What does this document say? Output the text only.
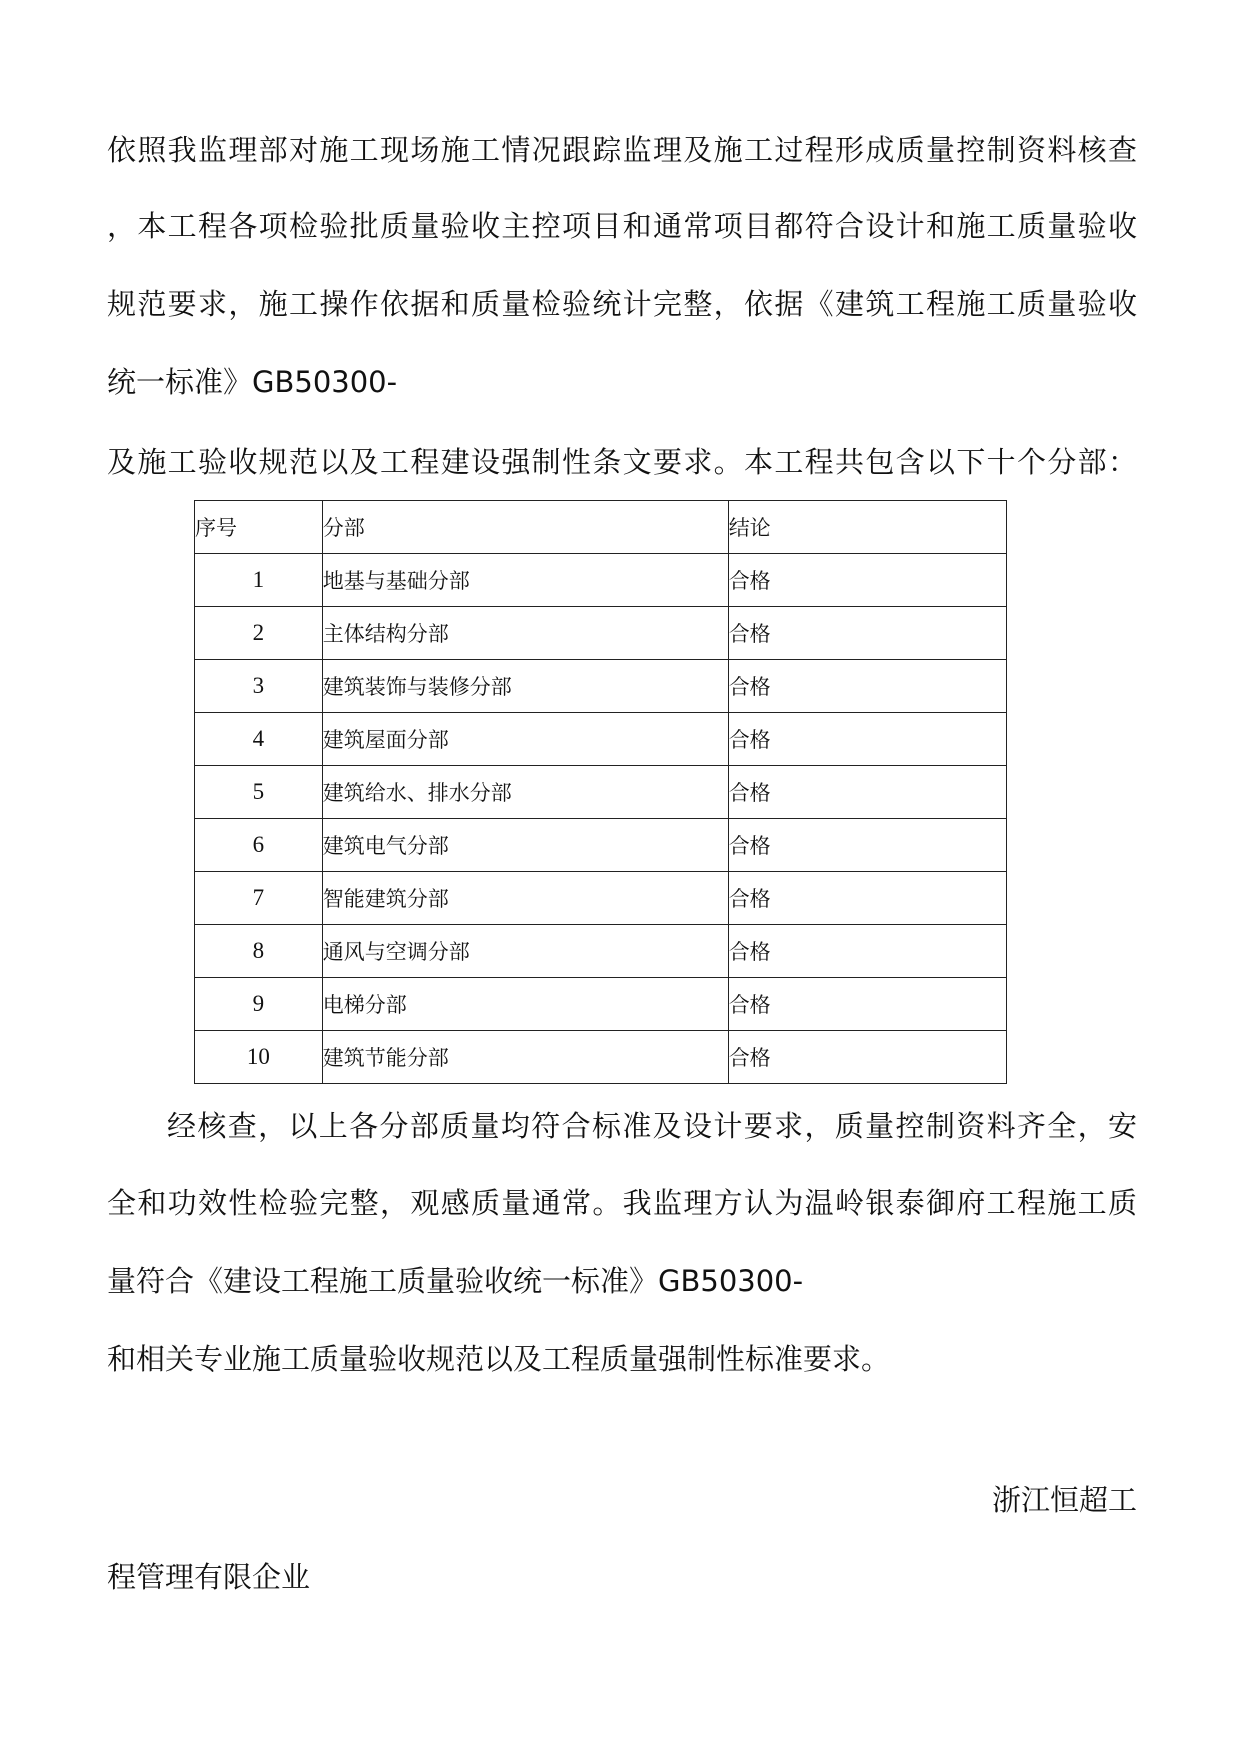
依照我监理部对施工现场施工情况跟踪监理及施工过程形成质量控制资料核查
，本工程各项检验批质量验收主控项目和通常项目都符合设计和施工质量验收
规范要求，施工操作依据和质量检验统计完整，依据《建筑工程施工质量验收
统一标准》GB50300-
及施工验收规范以及工程建设强制性条文要求。本工程共包含以下十个分部：
序号	分部	结论
1	地基与基础分部	合格
2	主体结构分部	合格
3	建筑装饰与装修分部	合格
4	建筑屋面分部	合格
5	建筑给水、排水分部	合格
6	建筑电气分部	合格
7	智能建筑分部	合格
8	通风与空调分部	合格
9	电梯分部	合格
10	建筑节能分部	合格
经核查，以上各分部质量均符合标准及设计要求，质量控制资料齐全，安
全和功效性检验完整，观感质量通常。我监理方认为温岭银泰御府工程施工质
量符合《建设工程施工质量验收统一标准》GB50300-
和相关专业施工质量验收规范以及工程质量强制性标准要求。
浙江恒超工
程管理有限企业
